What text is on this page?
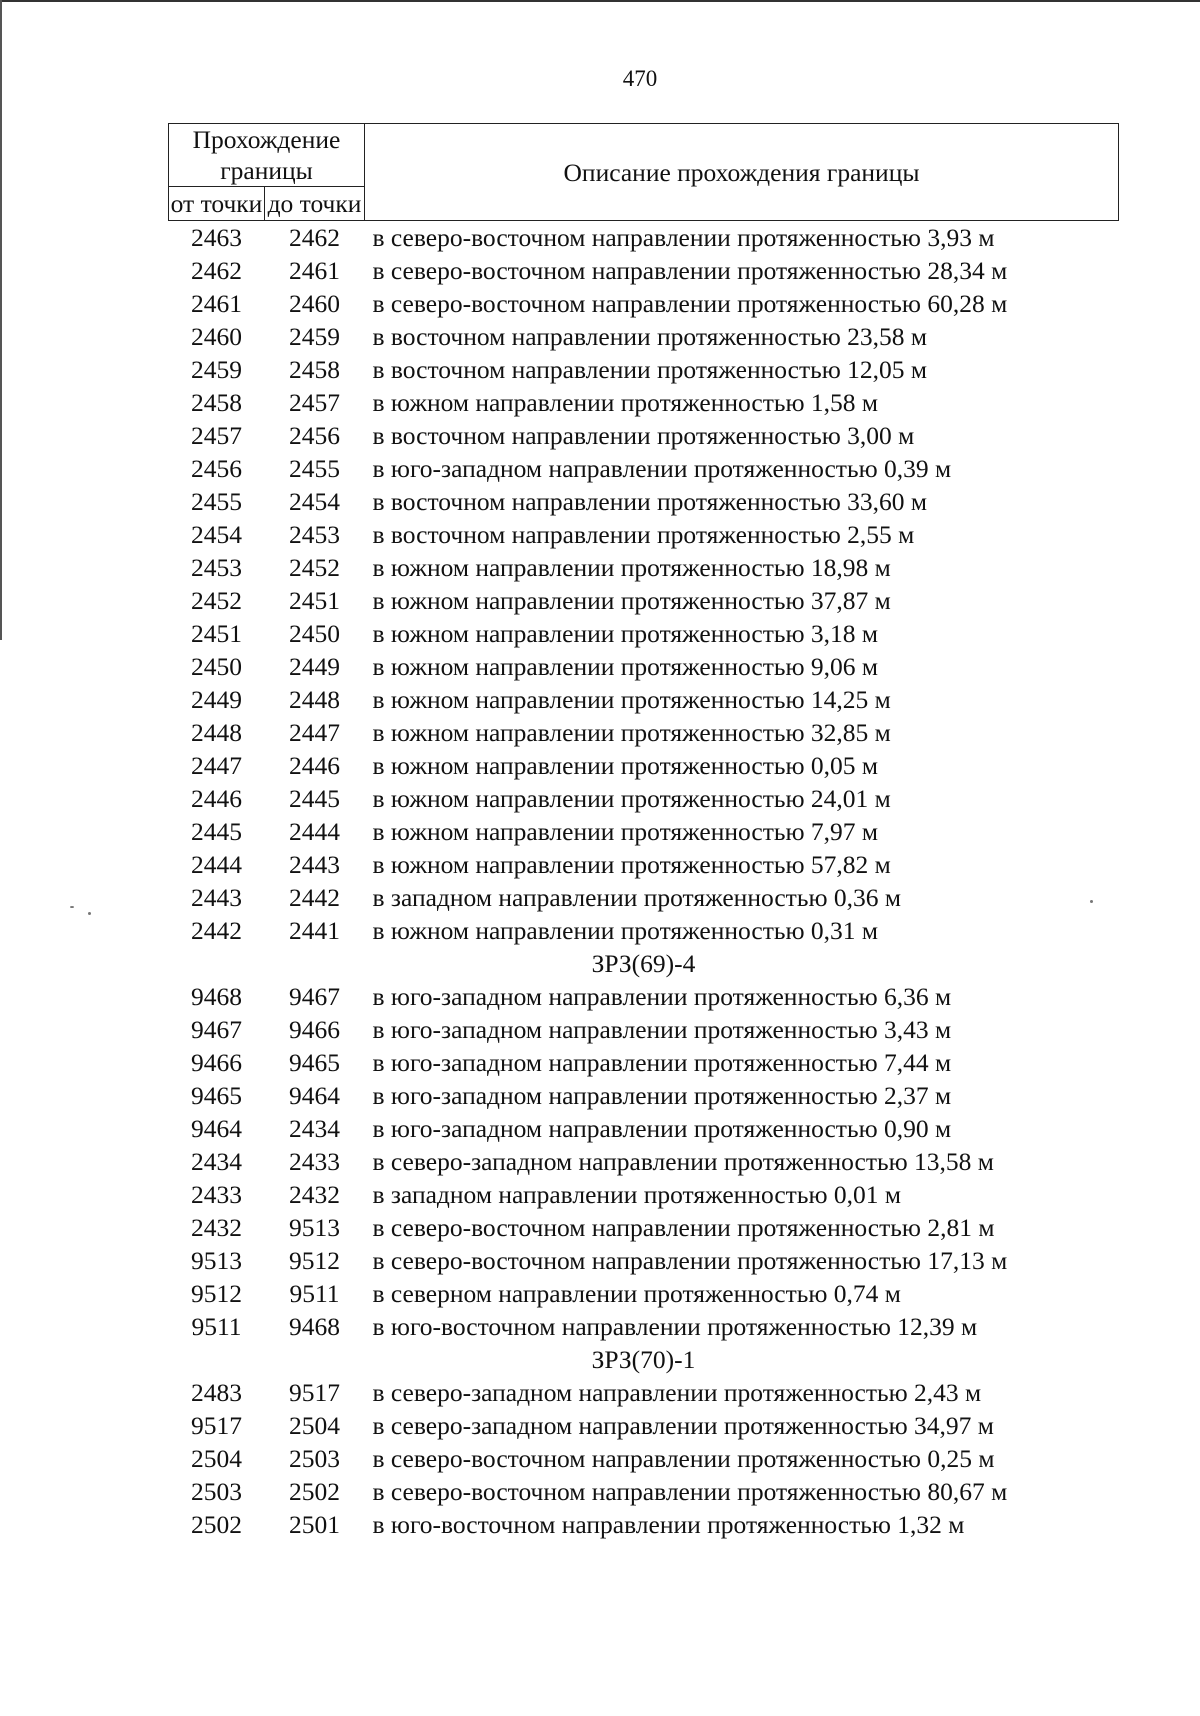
470
Прохождение границы		Описание прохождения границы
от точки	до точки	
2463	2462	в северо-восточном направлении протяженностью 3,93 м
2462	2461	в северо-восточном направлении протяженностью 28,34 м
2461	2460	в северо-восточном направлении протяженностью 60,28 м
2460	2459	в восточном направлении протяженностью 23,58 м
2459	2458	в восточном направлении протяженностью 12,05 м
2458	2457	в южном направлении протяженностью 1,58 м
2457	2456	в восточном направлении протяженностью 3,00 м
2456	2455	в юго-западном направлении протяженностью 0,39 м
2455	2454	в восточном направлении протяженностью 33,60 м
2454	2453	в восточном направлении протяженностью 2,55 м
2453	2452	в южном направлении протяженностью 18,98 м
2452	2451	в южном направлении протяженностью 37,87 м
2451	2450	в южном направлении протяженностью 3,18 м
2450	2449	в южном направлении протяженностью 9,06 м
2449	2448	в южном направлении протяженностью 14,25 м
2448	2447	в южном направлении протяженностью 32,85 м
2447	2446	в южном направлении протяженностью 0,05 м
2446	2445	в южном направлении протяженностью 24,01 м
2445	2444	в южном направлении протяженностью 7,97 м
2444	2443	в южном направлении протяженностью 57,82 м
2443	2442	в западном направлении протяженностью 0,36 м
2442	2441	в южном направлении протяженностью 0,31 м
ЗРЗ(69)-4		
9468	9467	в юго-западном направлении протяженностью 6,36 м
9467	9466	в юго-западном направлении протяженностью 3,43 м
9466	9465	в юго-западном направлении протяженностью 7,44 м
9465	9464	в юго-западном направлении протяженностью 2,37 м
9464	2434	в юго-западном направлении протяженностью 0,90 м
2434	2433	в северо-западном направлении протяженностью 13,58 м
2433	2432	в западном направлении протяженностью 0,01 м
2432	9513	в северо-восточном направлении протяженностью 2,81 м
9513	9512	в северо-восточном направлении протяженностью 17,13 м
9512	9511	в северном направлении протяженностью 0,74 м
9511	9468	в юго-восточном направлении протяженностью 12,39 м
ЗРЗ(70)-1		
2483	9517	в северо-западном направлении протяженностью 2,43 м
9517	2504	в северо-западном направлении протяженностью 34,97 м
2504	2503	в северо-восточном направлении протяженностью 0,25 м
2503	2502	в северо-восточном направлении протяженностью 80,67 м
2502	2501	в юго-восточном направлении протяженностью 1,32 м
